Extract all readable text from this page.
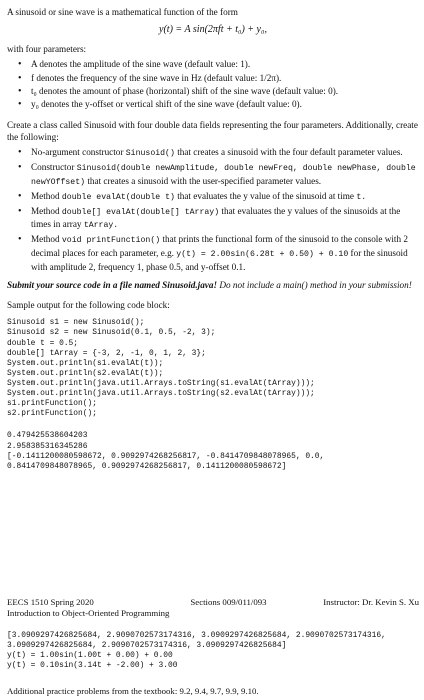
A sinusoid or sine wave is a mathematical function of the form

y(t) = A sin(2πft + t₀) + y₀,

with four parameters:

• A denotes the amplitude of the sine wave (default value: 1).
• f denotes the frequency of the sine wave in Hz (default value: 1/2π).
• t₀ denotes the amount of phase (horizontal) shift of the sine wave (default value: 0).
• y₀ denotes the y-offset or vertical shift of the sine wave (default value: 0).

Create a class called Sinusoid with four double data fields representing the four parameters. Additionally, create the following:

• No-argument constructor Sinusoid() that creates a sinusoid with the four default parameter values.
• Constructor Sinusoid(double newAmplitude, double newFreq, double newPhase, double newYOffset) that creates a sinusoid with the user-specified parameter values.
• Method double evalAt(double t) that evaluates the y value of the sinusoid at time t.
• Method double[] evalAt(double[] tArray) that evaluates the y values of the sinusoids at the times in array tArray.
• Method void printFunction() that prints the functional form of the sinusoid to the console with 2 decimal places for each parameter, e.g. y(t) = 2.00sin(6.28t + 0.50) + 0.10 for the sinusoid with amplitude 2, frequency 1, phase 0.5, and y-offset 0.1.

Submit your source code in a file named Sinusoid.java! Do not include a main() method in your submission!

Sample output for the following code block:

Sinusoid s1 = new Sinusoid();
Sinusoid s2 = new Sinusoid(0.1, 0.5, -2, 3);
double t = 0.5;
double[] tArray = {-3, 2, -1, 0, 1, 2, 3};
System.out.println(s1.evalAt(t));
System.out.println(s2.evalAt(t));
System.out.println(java.util.Arrays.toString(s1.evalAt(tArray)));
System.out.println(java.util.Arrays.toString(s2.evalAt(tArray)));
s1.printFunction();
s2.printFunction();
0.479425538604203
2.958385316345286
[-0.1411200080598672, 0.9092974268256817, -0.8414709848078965, 0.0,
0.8414709848078965, 0.9092974268256817, 0.1411200080598672]
EECS 1510 Spring 2020	Sections 009/011/093	Instructor: Dr. Kevin S. Xu
Introduction to Object-Oriented Programming
[3.0909297426825684, 2.9090702573174316, 3.0909297426825684, 2.9090702573174316,
3.0909297426825684, 2.9090702573174316, 3.0909297426825684]
y(t) = 1.00sin(1.00t + 0.00) + 0.00
y(t) = 0.10sin(3.14t + -2.00) + 3.00
Additional practice problems from the textbook: 9.2, 9.4, 9.7, 9.9, 9.10.
